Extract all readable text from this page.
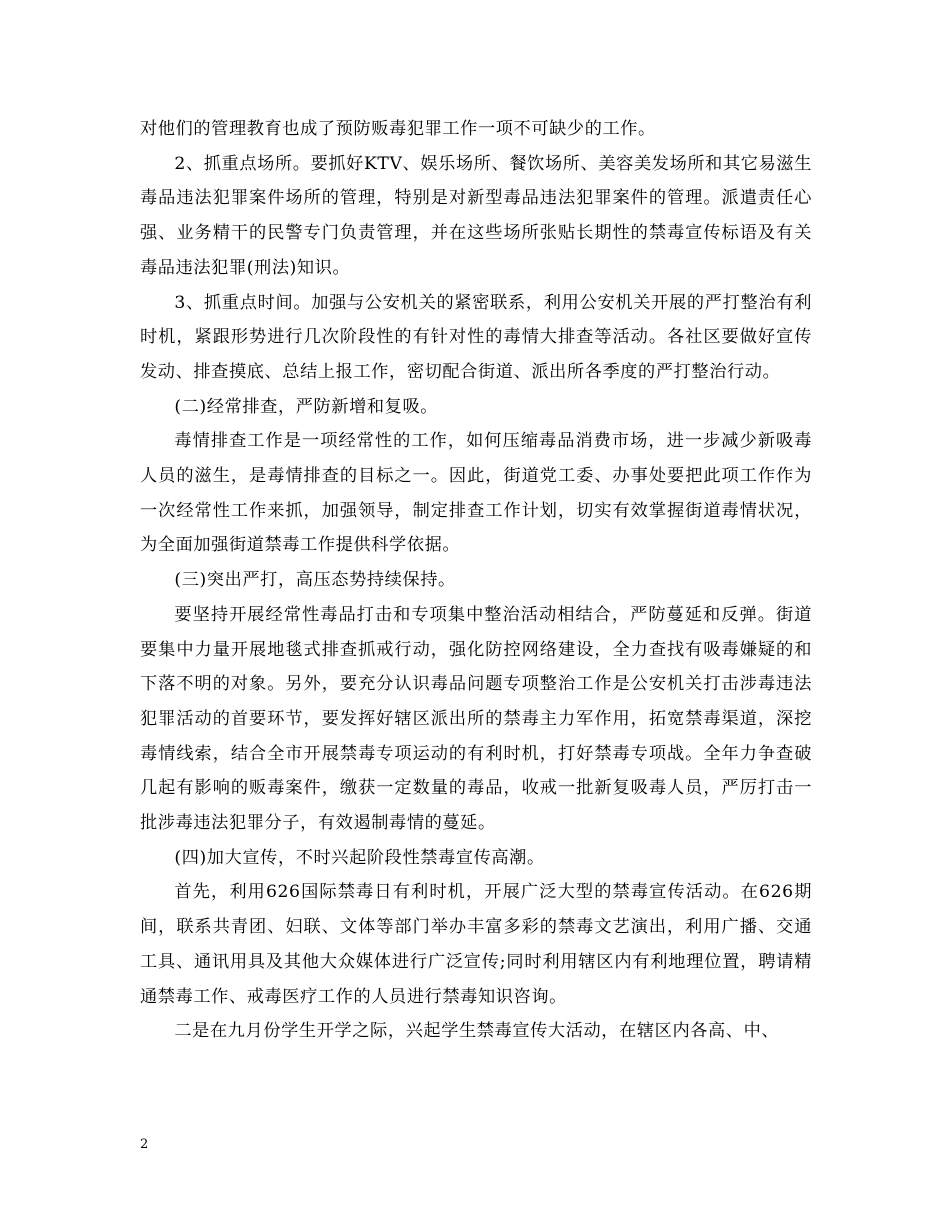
对他们的管理教育也成了预防贩毒犯罪工作一项不可缺少的工作。

2、抓重点场所。要抓好KTV、娱乐场所、餐饮场所、美容美发场所和其它易滋生毒品违法犯罪案件场所的管理，特别是对新型毒品违法犯罪案件的管理。派遣责任心强、业务精干的民警专门负责管理，并在这些场所张贴长期性的禁毒宣传标语及有关毒品违法犯罪(刑法)知识。

3、抓重点时间。加强与公安机关的紧密联系，利用公安机关开展的严打整治有利时机，紧跟形势进行几次阶段性的有针对性的毒情大排查等活动。各社区要做好宣传发动、排查摸底、总结上报工作，密切配合街道、派出所各季度的严打整治行动。

(二)经常排查，严防新增和复吸。

毒情排查工作是一项经常性的工作，如何压缩毒品消费市场，进一步减少新吸毒人员的滋生，是毒情排查的目标之一。因此，街道党工委、办事处要把此项工作作为一次经常性工作来抓，加强领导，制定排查工作计划，切实有效掌握街道毒情状况，为全面加强街道禁毒工作提供科学依据。

(三)突出严打，高压态势持续保持。

要坚持开展经常性毒品打击和专项集中整治活动相结合，严防蔓延和反弹。街道要集中力量开展地毯式排查抓戒行动，强化防控网络建设，全力查找有吸毒嫌疑的和下落不明的对象。另外，要充分认识毒品问题专项整治工作是公安机关打击涉毒违法犯罪活动的首要环节，要发挥好辖区派出所的禁毒主力军作用，拓宽禁毒渠道，深挖毒情线索，结合全市开展禁毒专项运动的有利时机，打好禁毒专项战。全年力争查破几起有影响的贩毒案件，缴获一定数量的毒品，收戒一批新复吸毒人员，严厉打击一批涉毒违法犯罪分子，有效遏制毒情的蔓延。

(四)加大宣传，不时兴起阶段性禁毒宣传高潮。

首先，利用626国际禁毒日有利时机，开展广泛大型的禁毒宣传活动。在626期间，联系共青团、妇联、文体等部门举办丰富多彩的禁毒文艺演出，利用广播、交通工具、通讯用具及其他大众媒体进行广泛宣传;同时利用辖区内有利地理位置，聘请精通禁毒工作、戒毒医疗工作的人员进行禁毒知识咨询。

二是在九月份学生开学之际，兴起学生禁毒宣传大活动，在辖区内各高、中、

2
